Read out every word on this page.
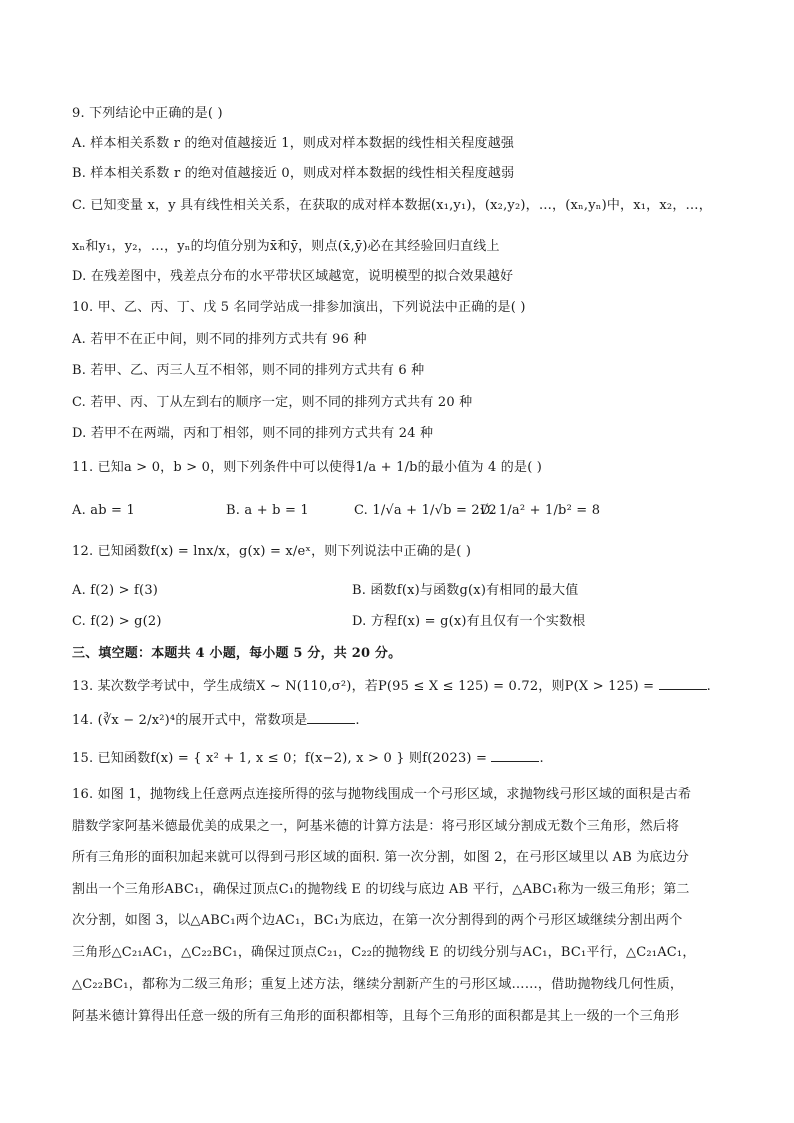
9. 下列结论中正确的是( )
A. 样本相关系数 r 的绝对值越接近 1，则成对样本数据的线性相关程度越强
B. 样本相关系数 r 的绝对值越接近 0，则成对样本数据的线性相关程度越弱
C. 已知变量 x，y 具有线性相关关系，在获取的成对样本数据(x₁,y₁)，(x₂,y₂)，…，(xₙ,yₙ)中，x₁，x₂，…，
xₙ和y₁，y₂，…，yₙ的均值分别为x̄和ȳ，则点(x̄,ȳ)必在其经验回归直线上
D. 在残差图中，残差点分布的水平带状区域越宽，说明模型的拟合效果越好
10. 甲、乙、丙、丁、戊 5 名同学站成一排参加演出，下列说法中正确的是( )
A. 若甲不在正中间，则不同的排列方式共有 96 种
B. 若甲、乙、丙三人互不相邻，则不同的排列方式共有 6 种
C. 若甲、丙、丁从左到右的顺序一定，则不同的排列方式共有 20 种
D. 若甲不在两端，丙和丁相邻，则不同的排列方式共有 24 种
11. 已知a > 0，b > 0，则下列条件中可以使得1/a + 1/b的最小值为 4 的是( )
A. ab = 1	B. a + b = 1	C. 1/√a + 1/√b = 2√2
D. 1/a² + 1/b² = 8
12. 已知函数f(x) = lnx/x，g(x) = x/eˣ，则下列说法中正确的是( )
A. f(2) > f(3)	B. 函数f(x)与函数g(x)有相同的最大值
C. f(2) > g(2)	D. 方程f(x) = g(x)有且仅有一个实数根
三、填空题：本题共 4 小题，每小题 5 分，共 20 分。
13. 某次数学考试中，学生成绩X ~ N(110,σ²)，若P(95 ≤ X ≤ 125) = 0.72，则P(X > 125) =	.
14. (∛x − 2/x²)⁴的展开式中，常数项是	.
15. 已知函数f(x) = { x² + 1, x ≤ 0；f(x−2), x > 0 } 则f(2023) =	.
16. 如图 1，抛物线上任意两点连接所得的弦与抛物线围成一个弓形区域，求抛物线弓形区域的面积是古希
腊数学家阿基米德最优美的成果之一，阿基米德的计算方法是：将弓形区域分割成无数个三角形，然后将
所有三角形的面积加起来就可以得到弓形区域的面积. 第一次分割，如图 2，在弓形区域里以 AB 为底边分
割出一个三角形ABC₁，确保过顶点C₁的抛物线 E 的切线与底边 AB 平行，△ABC₁称为一级三角形；第二
次分割，如图 3，以△ABC₁两个边AC₁，BC₁为底边，在第一次分割得到的两个弓形区域继续分割出两个
三角形△C₂₁AC₁，△C₂₂BC₁，确保过顶点C₂₁，C₂₂的抛物线 E 的切线分别与AC₁，BC₁平行，△C₂₁AC₁，
△C₂₂BC₁，都称为二级三角形；重复上述方法，继续分割新产生的弓形区域……，借助抛物线几何性质，
阿基米德计算得出任意一级的所有三角形的面积都相等，且每个三角形的面积都是其上一级的一个三角形
